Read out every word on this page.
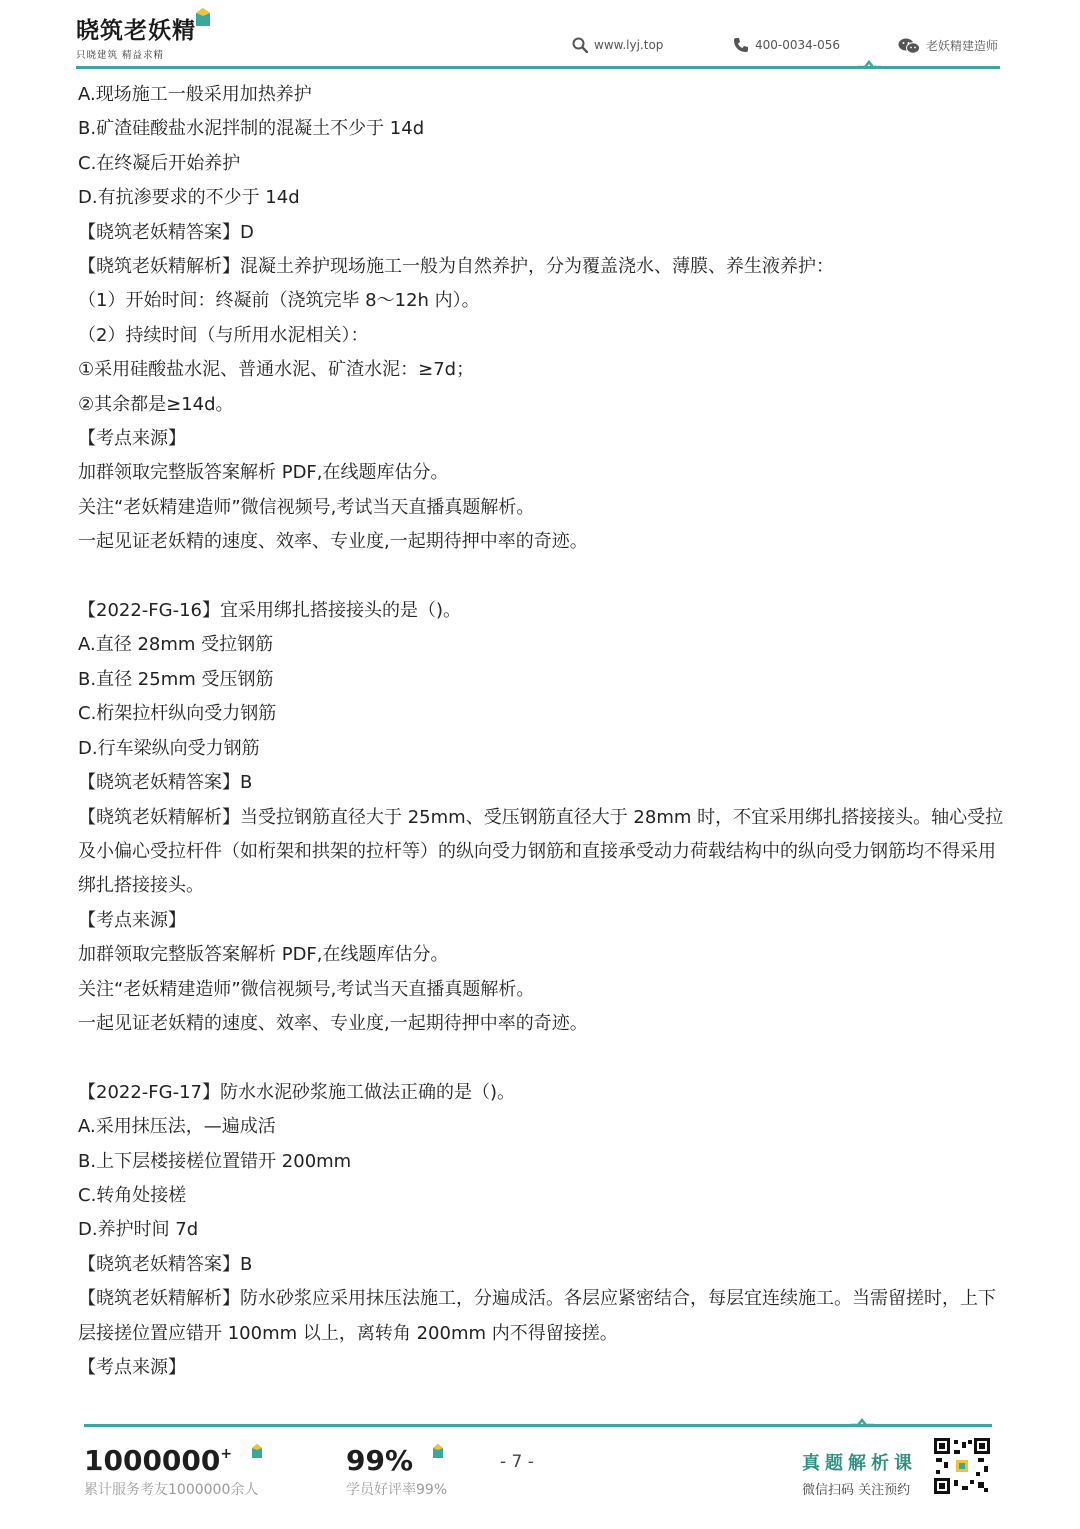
晓筑老妖精
只晓建筑 精益求精
www.lyj.top	400-0034-056	老妖精建造师
A.现场施工一般采用加热养护
B.矿渣硅酸盐水泥拌制的混凝土不少于 14d
C.在终凝后开始养护
D.有抗渗要求的不少于 14d
【晓筑老妖精答案】D
【晓筑老妖精解析】混凝土养护现场施工一般为自然养护，分为覆盖浇水、薄膜、养生液养护：
（1）开始时间：终凝前（浇筑完毕 8～12h 内）。
（2）持续时间（与所用水泥相关）：
①采用硅酸盐水泥、普通水泥、矿渣水泥：≥7d；
②其余都是≥14d。
【考点来源】
加群领取完整版答案解析 PDF,在线题库估分。
关注“老妖精建造师”微信视频号,考试当天直播真题解析。
一起见证老妖精的速度、效率、专业度,一起期待押中率的奇迹。
【2022-FG-16】宜采用绑扎搭接接头的是（)。
A.直径 28mm 受拉钢筋
B.直径 25mm 受压钢筋
C.桁架拉杆纵向受力钢筋
D.行车梁纵向受力钢筋
【晓筑老妖精答案】B
【晓筑老妖精解析】当受拉钢筋直径大于 25mm、受压钢筋直径大于 28mm 时，不宜采用绑扎搭接接头。轴心受拉及小偏心受拉杆件（如桁架和拱架的拉杆等）的纵向受力钢筋和直接承受动力荷载结构中的纵向受力钢筋均不得采用绑扎搭接接头。
【考点来源】
加群领取完整版答案解析 PDF,在线题库估分。
关注“老妖精建造师”微信视频号,考试当天直播真题解析。
一起见证老妖精的速度、效率、专业度,一起期待押中率的奇迹。
【2022-FG-17】防水水泥砂浆施工做法正确的是（)。
A.采用抹压法，—遍成活
B.上下层楼接槎位置错开 200mm
C.转角处接槎
D.养护时间 7d
【晓筑老妖精答案】B
【晓筑老妖精解析】防水砂浆应采用抹压法施工，分遍成活。各层应紧密结合，每层宜连续施工。当需留搓时，上下层接搓位置应错开 100mm 以上，离转角 200mm 内不得留接搓。
【考点来源】
1000000+
累计服务考友1000000余人
99%
学员好评率99%
- 7 -	真题解析课
微信扫码 关注预约
